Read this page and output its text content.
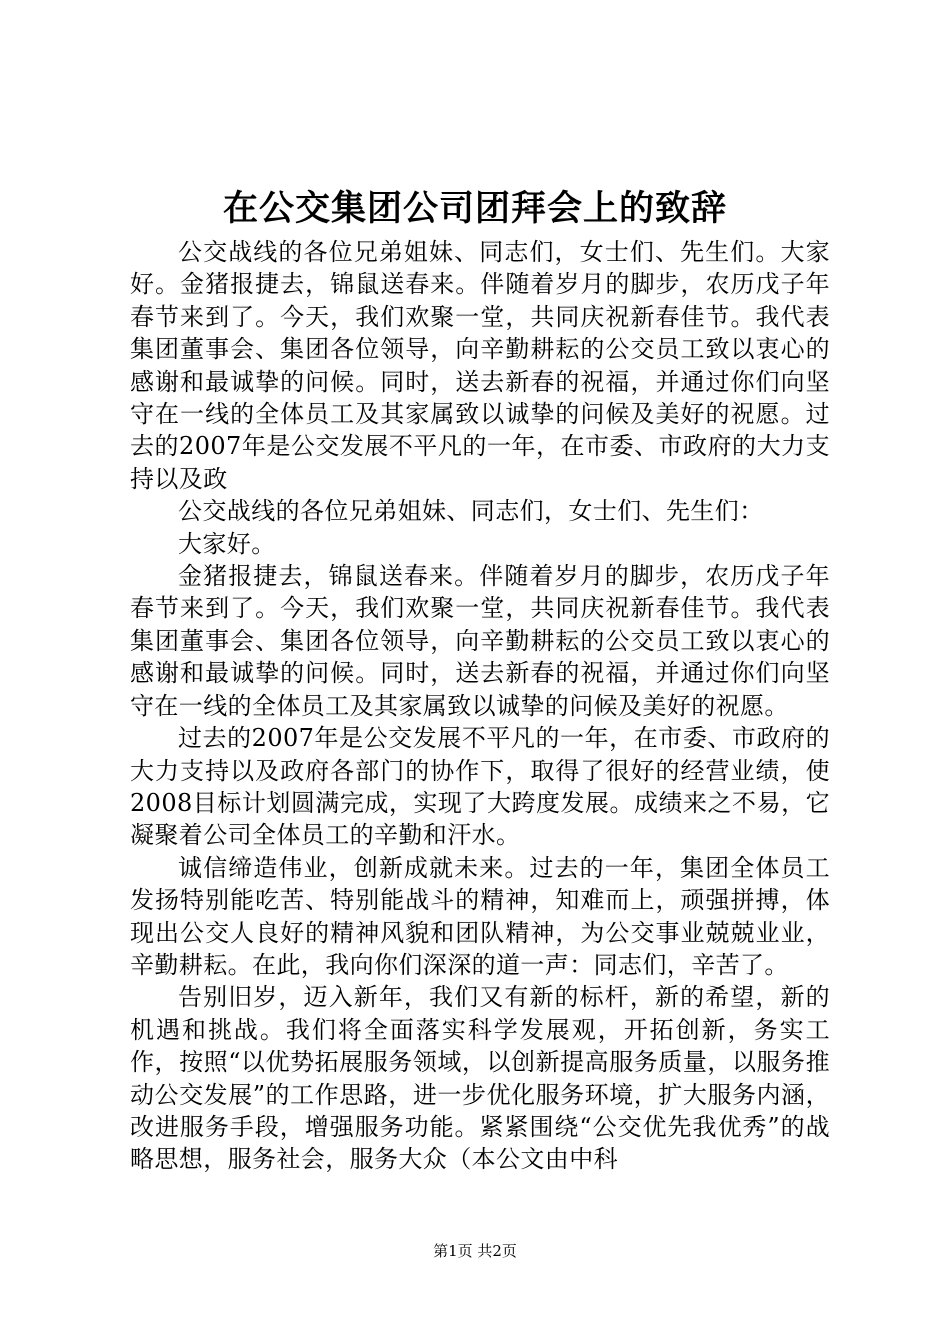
在公交集团公司团拜会上的致辞

公交战线的各位兄弟姐妹、同志们，女士们、先生们。大家好。金猪报捷去，锦鼠送春来。伴随着岁月的脚步，农历戊子年春节来到了。今天，我们欢聚一堂，共同庆祝新春佳节。我代表集团董事会、集团各位领导，向辛勤耕耘的公交员工致以衷心的感谢和最诚挚的问候。同时，送去新春的祝福，并通过你们向坚守在一线的全体员工及其家属致以诚挚的问候及美好的祝愿。过去的2007年是公交发展不平凡的一年，在市委、市政府的大力支持以及政

公交战线的各位兄弟姐妹、同志们，女士们、先生们：

大家好。

金猪报捷去，锦鼠送春来。伴随着岁月的脚步，农历戊子年春节来到了。今天，我们欢聚一堂，共同庆祝新春佳节。我代表集团董事会、集团各位领导，向辛勤耕耘的公交员工致以衷心的感谢和最诚挚的问候。同时，送去新春的祝福，并通过你们向坚守在一线的全体员工及其家属致以诚挚的问候及美好的祝愿。

过去的2007年是公交发展不平凡的一年，在市委、市政府的大力支持以及政府各部门的协作下，取得了很好的经营业绩，使2008目标计划圆满完成，实现了大跨度发展。成绩来之不易，它凝聚着公司全体员工的辛勤和汗水。

诚信缔造伟业，创新成就未来。过去的一年，集团全体员工发扬特别能吃苦、特别能战斗的精神，知难而上，顽强拼搏，体现出公交人良好的精神风貌和团队精神，为公交事业兢兢业业，辛勤耕耘。在此，我向你们深深的道一声：同志们，辛苦了。

告别旧岁，迈入新年，我们又有新的标杆，新的希望，新的机遇和挑战。我们将全面落实科学发展观，开拓创新，务实工作，按照“以优势拓展服务领域，以创新提高服务质量，以服务推动公交发展”的工作思路，进一步优化服务环境，扩大服务内涵，改进服务手段，增强服务功能。紧紧围绕“公交优先我优秀”的战略思想，服务社会，服务大众（本公文由中科

第1页 共2页
